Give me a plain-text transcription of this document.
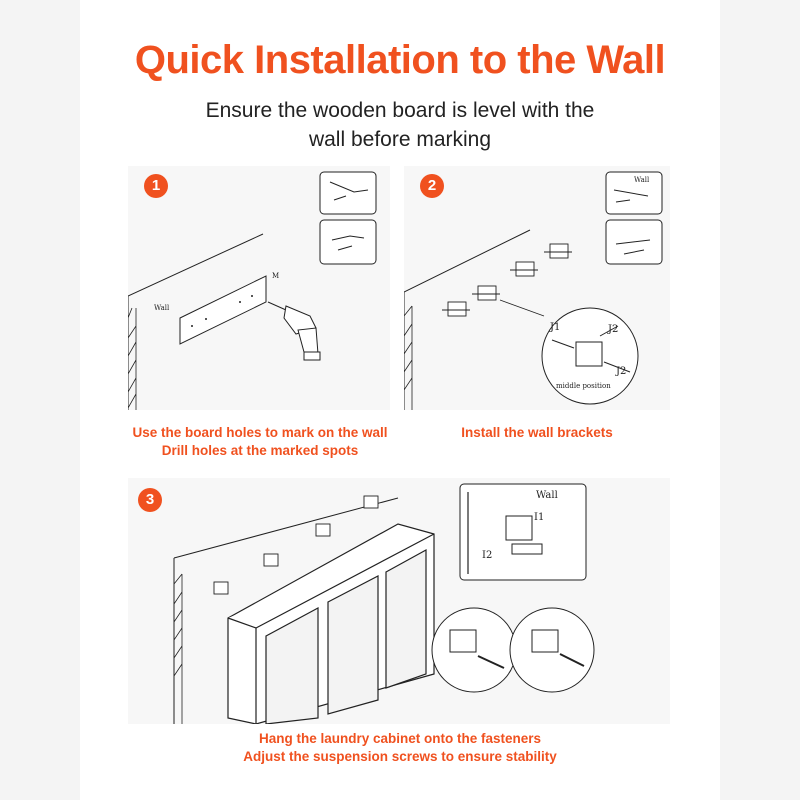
Quick Installation to the Wall
Ensure the wooden board is level with the
wall before marking
Wall
M
1
Use the board holes to mark on the wall
Drill holes at the marked spots
J1	J2
J2
middle position
Wall
2
Install the wall brackets
Wall
I1
I2
3
Hang the laundry cabinet onto the fasteners
Adjust the suspension screws to ensure stability
